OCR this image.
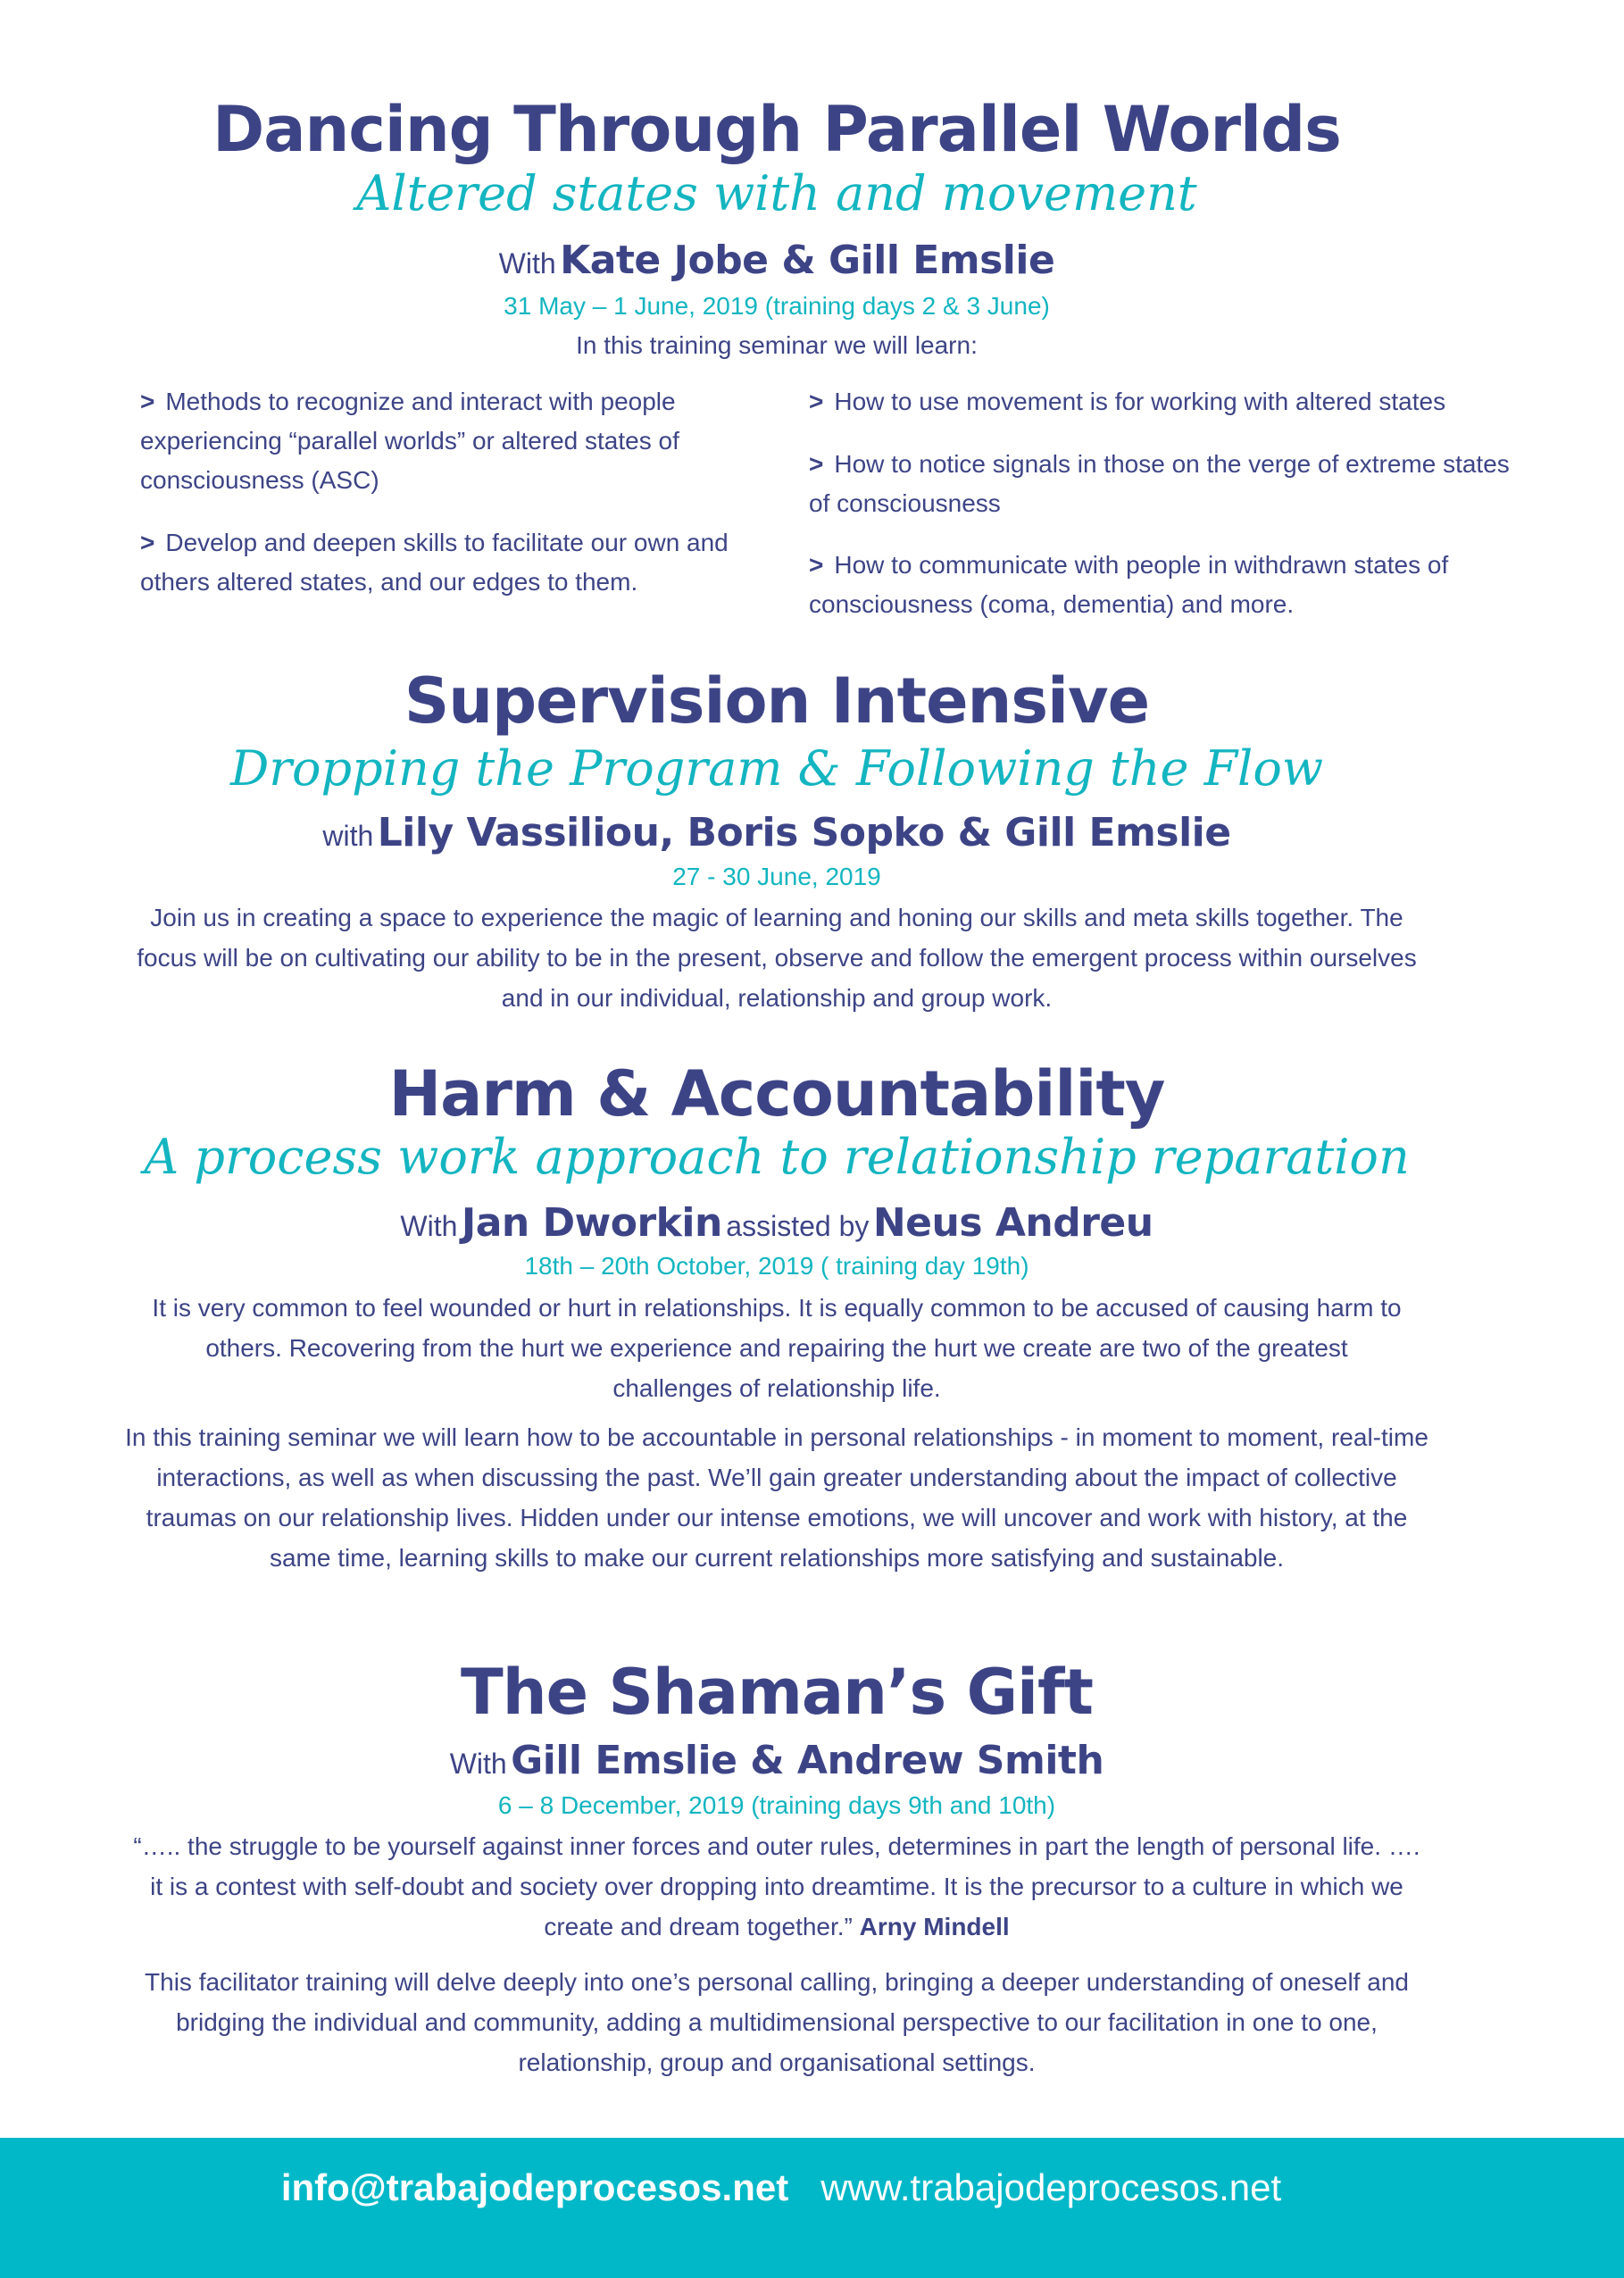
Dancing Through Parallel Worlds
Altered states with and movement
With Kate Jobe & Gill Emslie
31 May – 1 June, 2019 (training days 2 & 3 June)
In this training seminar we will learn:
> Methods to recognize and interact with people experiencing “parallel worlds” or altered states of consciousness (ASC)
> Develop and deepen skills to facilitate our own and others altered states, and our edges to them.
> How to use movement is for working with altered states
> How to notice signals in those on the verge of extreme states of consciousness
> How to communicate with people in withdrawn states of consciousness (coma, dementia) and more.
Supervision Intensive
Dropping the Program & Following the Flow
with Lily Vassiliou, Boris Sopko & Gill Emslie
27 - 30 June, 2019
Join us in creating a space to experience the magic of learning and honing our skills and meta skills together. The focus will be on cultivating our ability to be in the present, observe and follow the emergent process within ourselves and in our individual, relationship and group work.
Harm & Accountability
A process work approach to relationship reparation
With Jan Dworkin assisted by Neus Andreu
18th – 20th October, 2019 ( training day 19th)
It is very common to feel wounded or hurt in relationships. It is equally common to be accused of causing harm to others. Recovering from the hurt we experience and repairing the hurt we create are two of the greatest challenges of relationship life.
In this training seminar we will learn how to be accountable in personal relationships - in moment to moment, real-time interactions, as well as when discussing the past. We’ll gain greater understanding about the impact of collective traumas on our relationship lives. Hidden under our intense emotions, we will uncover and work with history, at the same time, learning skills to make our current relationships more satisfying and sustainable.
The Shaman’s Gift
With Gill Emslie & Andrew Smith
6 – 8 December, 2019 (training days 9th and 10th)
“….. the struggle to be yourself against inner forces and outer rules, determines in part the length of personal life. …. it is a contest with self-doubt and society over dropping into dreamtime. It is the precursor to a culture in which we create and dream together.” Arny Mindell
This facilitator training will delve deeply into one’s personal calling, bringing a deeper understanding of oneself and bridging the individual and community, adding a multidimensional perspective to our facilitation in one to one, relationship, group and organisational settings.
info@trabajodeprocesos.net www.trabajodeprocesos.net
